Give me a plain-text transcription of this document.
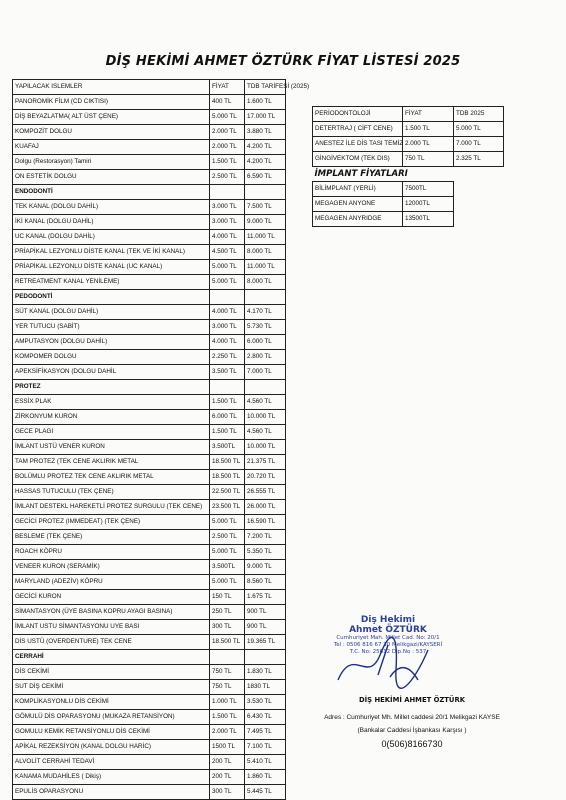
DİŞ HEKİMİ AHMET ÖZTÜRK FİYAT LİSTESİ 2025
YAPILACAK ISLEMLER	FİYAT	TDB TARİFESİ (2025)
PANOROMİK FİLM (CD CIKTISI)	400 TL	1.600 TL
DİŞ BEYAZLATMA( ALT ÜST ÇENE)	5.000 TL	17.000 TL
KOMPOZİT DOLGU	2.000 TL	3.880 TL
KUAFAJ	2.000 TL	4.200 TL
Dolgu (Restorasyon) Tamiri	1.500 TL	4.200 TL
ON ESTETİK DOLGU	2.500 TL	6.590 TL
ENDODONTİ		
TEK KANAL (DOLGU DAHİL)	3.000 TL	7.500 TL
İKİ KANAL (DOLGU DAHİL)	3.000 TL	9.000 TL
UC KANAL (DOLGU DAHİL)	4.000 TL	11.000 TL
PRİAPİKAL LEZYONLU DİSTE KANAL (TEK VE İKİ KANAL)	4.500 TL	8.000 TL
PRİAPİKAL LEZYONLU DİSTE KANAL (UC KANAL)	5.000 TL	11.000 TL
RETREATMENT KANAL YENİLEME)	5.000 TL	8.000 TL
PEDODONTİ		
SÜT KANAL (DOLGU DAHİL)	4.000 TL	4.170 TL
YER TUTUCU (SABİT)	3.000 TL	5.730 TL
AMPUTASYON (DOLGU DAHİL)	4.000 TL	6.000 TL
KOMPOMER DOLGU	2.250 TL	2.800 TL
APEKSİFİKASYON (DOLGU DAHİL	3.500 TL	7.000 TL
PROTEZ		
ESSİX PLAK	1.500 TL	4.560 TL
ZİRKONYUM KURON	6.000 TL	10.000 TL
GECE PLAGI	1.500 TL	4.560 TL
İMLANT USTÜ VENER KURON	3.500TL	10.000 TL
TAM PROTEZ (TEK CENE AKLIRIK METAL	18.500 TL	21.375 TL
BOLÜMLU PROTEZ TEK CENE AKLIRIK METAL	18.500 TL	20.720 TL
HASSAS TUTUCULU (TEK ÇENE)	22.500 TL	26.555 TL
İMLANT DESTEKL HAREKETLİ PROTEZ SURGULU (TEK CENE)	23.500 TL	26.000 TL
GECİCİ PROTEZ (IMMEDEAT) (TEK ÇENE)	5.000 TL	16.590 TL
BESLEME (TEK ÇENE)	2.500 TL	7.200 TL
ROACH KÖPRU	5.000 TL	5.350 TL
VENEER KURON (SERAMİK)	3.500TL	9.000 TL
MARYLAND (ADEZİV) KÖPRU	5.000 TL	8.560 TL
GECİCİ KURON	150 TL	1.675 TL
SİMANTASYON (ÜYE BASINA KOPRU AYAGI BASINA)	250 TL	900 TL
İMLANT USTU SİMANTASYONU UYE BASI	300 TL	900 TL
DİS USTÜ (OVERDENTURE) TEK CENE	18.500 TL	19.365 TL
CERRAHİ		
DİS CEKİMİ	750 TL	1.830 TL
SUT DİŞ CEKİMİ	750 TL	1830 TL
KOMPLİKASYONLU DİS CEKİMİ	1.000 TL	3.530 TL
GÖMULÜ DİS OPARASYONU (MUKAZA RETANSİYON)	1.500 TL	6.430 TL
GOMULU KEMİK RETANSİYONLU DİS CEKİMİ	2.000 TL	7.495 TL
APİKAL REZEKSİYON (KANAL DOLGU HARİC)	1500 TL	7.100 TL
ALVOLİT CERRAHİ TEDAVİ	200 TL	5.410 TL
KANAMA MUDAHİLES ( Dikiş)	200 TL	1.860 TL
EPULİS OPARASYONU	300 TL	5.445 TL
PERİODONTOLOJİ	FİYAT	TDB 2025
DETERTRAJ ( CİFT CENE)	1.500 TL	5.000 TL
ANESTEZ İLE DİS TASI TEMİZ	2.000 TL	7.000 TL
GİNGİVEKTOM (TEK DIS)	750 TL	2.325 TL
İMPLANT FİYATLARI		
BİLİMPLANT (YERLİ)	7500TL	
MEGAGEN ANYONE	12000TL	
MEGAGEN ANYRIDGE	13500TL	
Diş Hekimi
Ahmet ÖZTÜRK
Cumhuriyet Mah. Millet Cad. No: 20/1
Tel : 0506 816 67 30 Melikgazi/KAYSERİ
T.C. No: 25612 Dip.No : 537
DİŞ HEKİMİ AHMET ÖZTÜRK
Adres : Cumhuriyet Mh. Millet caddesi 20/1 Melikgazi KAYSE
(Bankalar Caddesi İşbankası Karşısı )
0(506)8166730
